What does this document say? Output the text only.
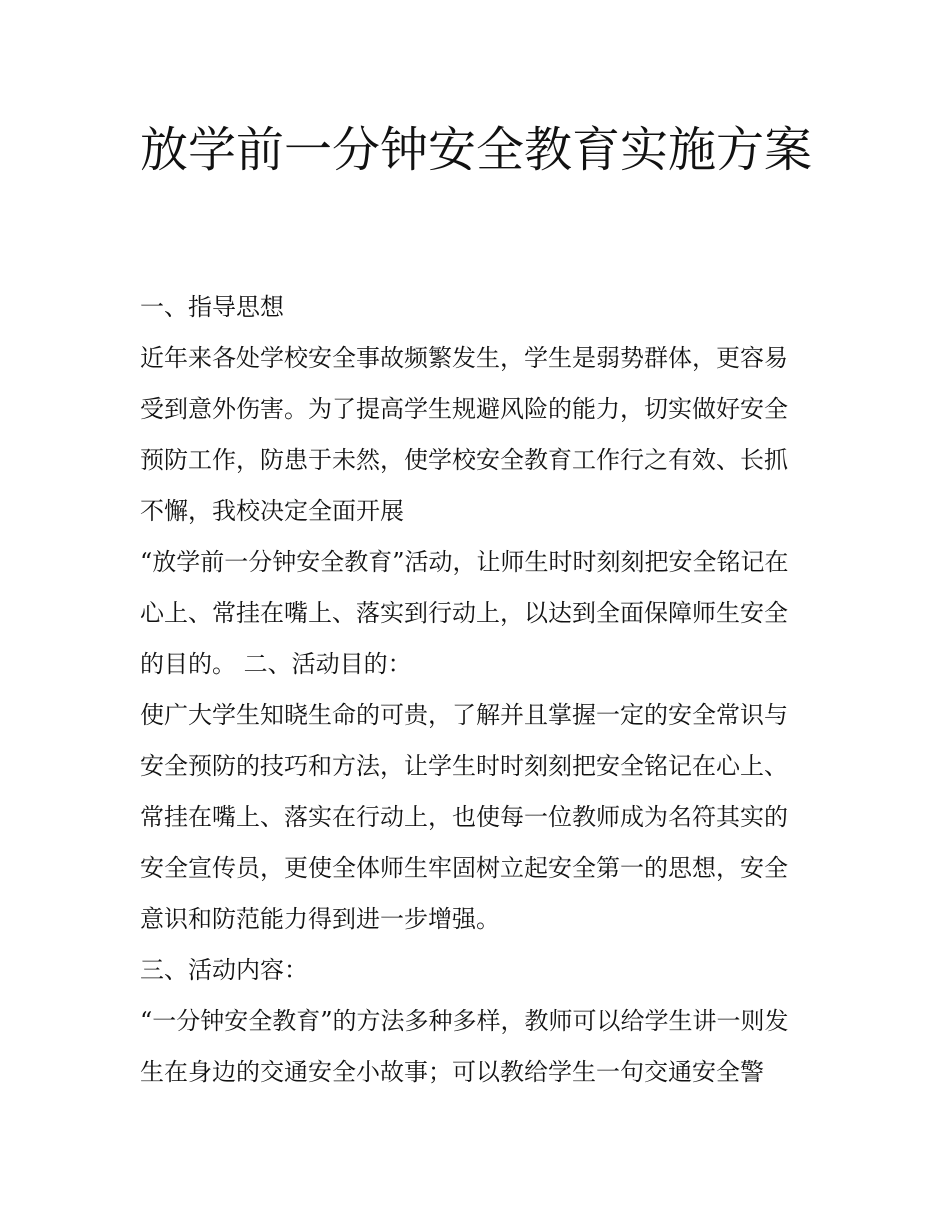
放学前一分钟安全教育实施方案
一、指导思想
近年来各处学校安全事故频繁发生，学生是弱势群体，更容易
受到意外伤害。为了提高学生规避风险的能力，切实做好安全
预防工作，防患于未然，使学校安全教育工作行之有效、长抓
不懈，我校决定全面开展
“放学前一分钟安全教育”活动，让师生时时刻刻把安全铭记在
心上、常挂在嘴上、落实到行动上，以达到全面保障师生安全
的目的。 二、活动目的：
使广大学生知晓生命的可贵，了解并且掌握一定的安全常识与
安全预防的技巧和方法，让学生时时刻刻把安全铭记在心上、
常挂在嘴上、落实在行动上，也使每一位教师成为名符其实的
安全宣传员，更使全体师生牢固树立起安全第一的思想，安全
意识和防范能力得到进一步增强。
三、活动内容：
“一分钟安全教育”的方法多种多样，教师可以给学生讲一则发
生在身边的交通安全小故事；可以教给学生一句交通安全警
